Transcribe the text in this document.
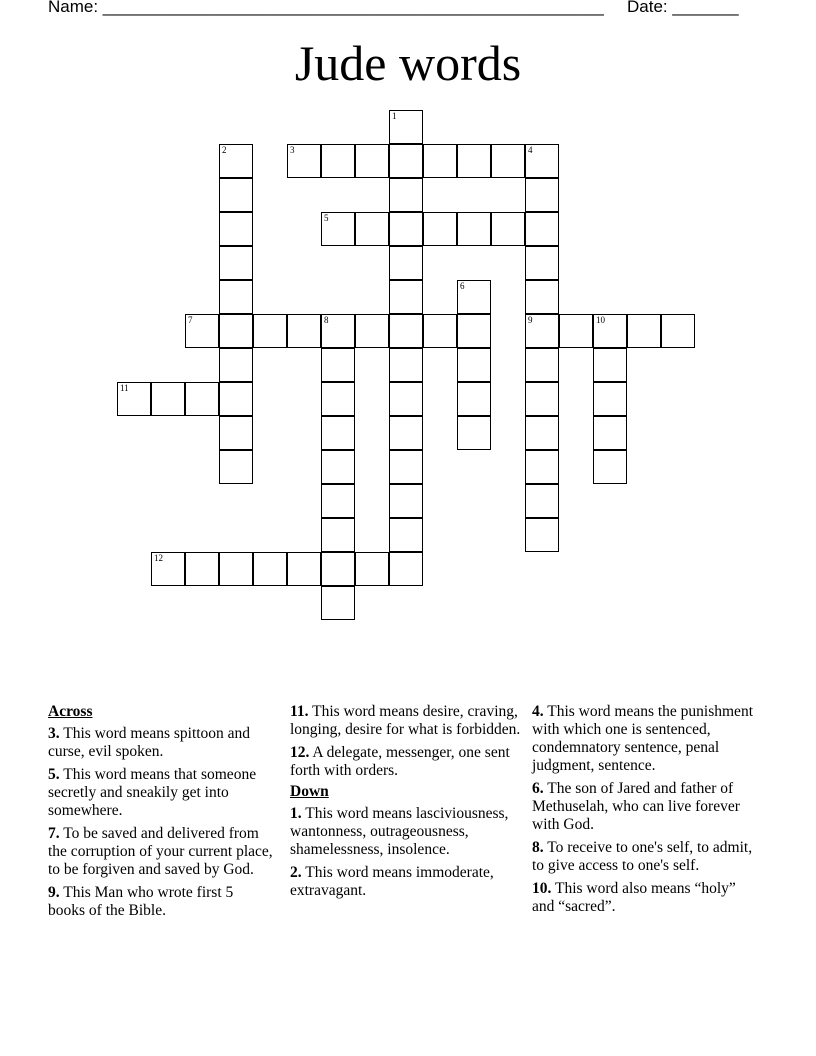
Name: _____________________________________________________ Date: _______
Jude words
1
2	3	4
5
6
7	8	9	10
11
12
Across
3. This word means spittoon and curse, evil spoken.
5. This word means that someone secretly and sneakily get into somewhere.
7. To be saved and delivered from the corruption of your current place, to be forgiven and saved by God.
9. This Man who wrote first 5 books of the Bible.
11. This word means desire, craving, longing, desire for what is forbidden.
12. A delegate, messenger, one sent forth with orders.
Down
1. This word means lasciviousness, wantonness, outrageousness, shamelessness, insolence.
2. This word means immoderate, extravagant.
4. This word means the punishment with which one is sentenced, condemnatory sentence, penal judgment, sentence.
6. The son of Jared and father of Methuselah, who can live forever with God.
8. To receive to one's self, to admit, to give access to one's self.
10. This word also means “holy” and “sacred”.
